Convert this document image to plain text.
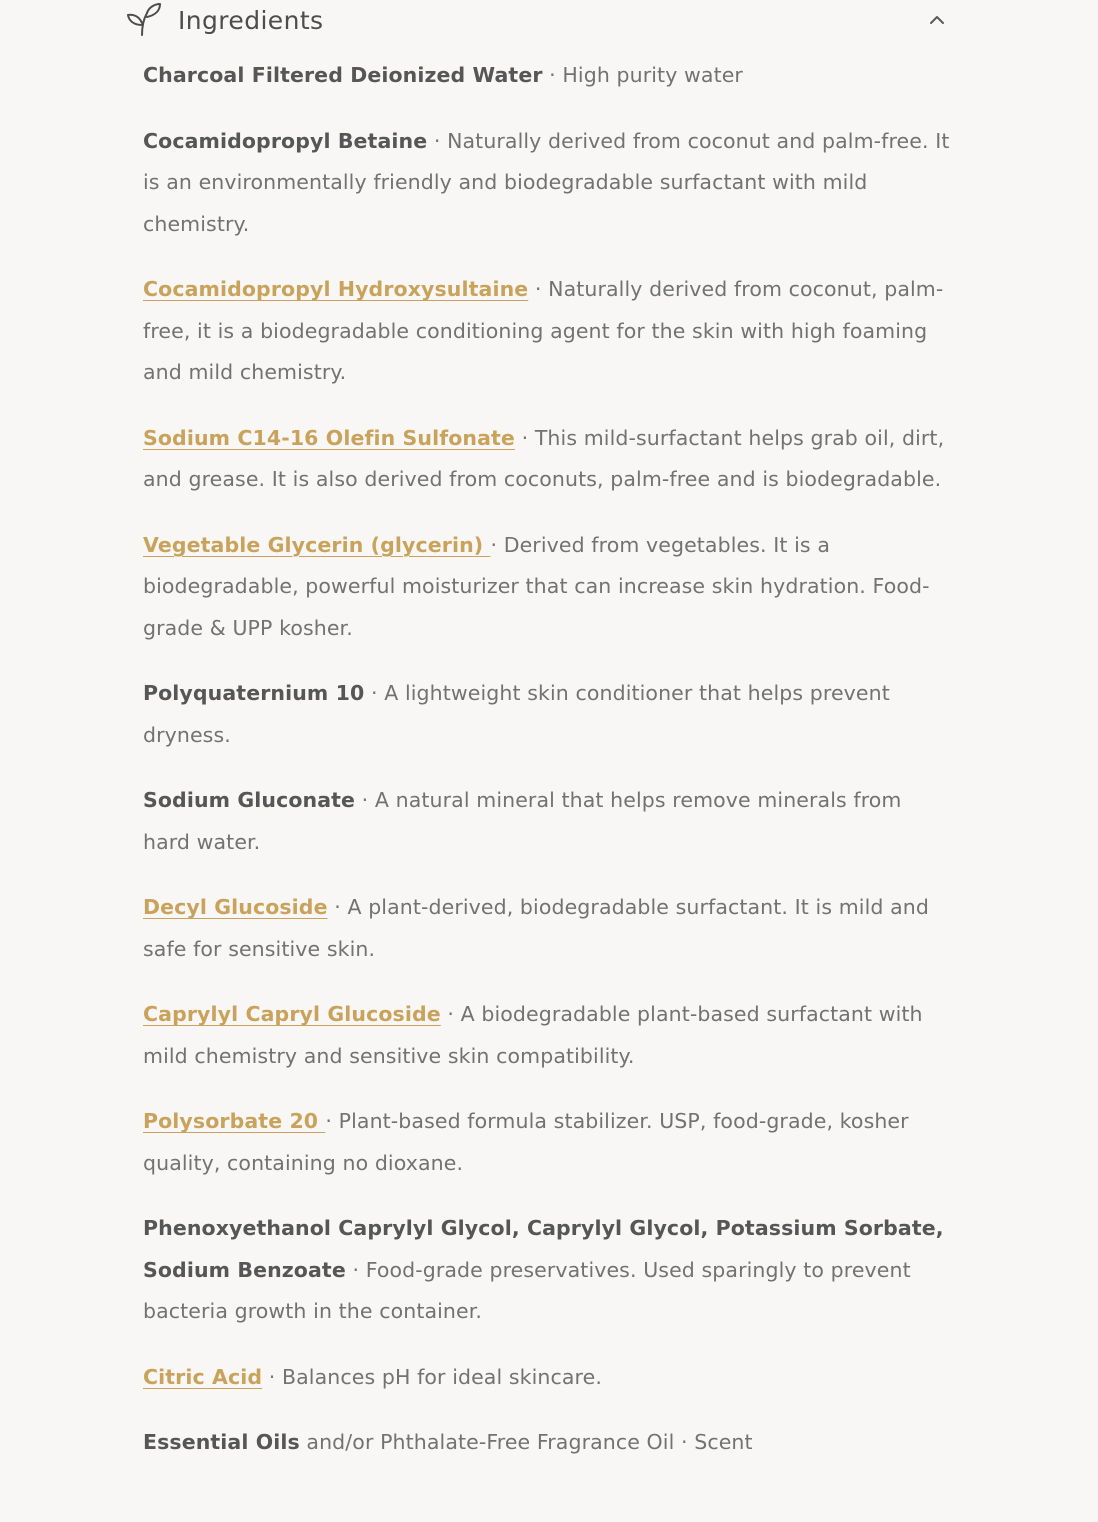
Ingredients

Charcoal Filtered Deionized Water · High purity water

Cocamidopropyl Betaine · Naturally derived from coconut and palm-free. It is an environmentally friendly and biodegradable surfactant with mild chemistry.

Cocamidopropyl Hydroxysultaine · Naturally derived from coconut, palm-free, it is a biodegradable conditioning agent for the skin with high foaming and mild chemistry.

Sodium C14-16 Olefin Sulfonate · This mild-surfactant helps grab oil, dirt, and grease. It is also derived from coconuts, palm-free and is biodegradable.

Vegetable Glycerin (glycerin) · Derived from vegetables. It is a biodegradable, powerful moisturizer that can increase skin hydration. Food-grade & UPP kosher.

Polyquaternium 10 · A lightweight skin conditioner that helps prevent dryness.

Sodium Gluconate · A natural mineral that helps remove minerals from hard water.

Decyl Glucoside · A plant-derived, biodegradable surfactant. It is mild and safe for sensitive skin.

Caprylyl Capryl Glucoside · A biodegradable plant-based surfactant with mild chemistry and sensitive skin compatibility.

Polysorbate 20 · Plant-based formula stabilizer. USP, food-grade, kosher quality, containing no dioxane.

Phenoxyethanol Caprylyl Glycol, Caprylyl Glycol, Potassium Sorbate, Sodium Benzoate · Food-grade preservatives. Used sparingly to prevent bacteria growth in the container.

Citric Acid · Balances pH for ideal skincare.

Essential Oils and/or Phthalate-Free Fragrance Oil · Scent
